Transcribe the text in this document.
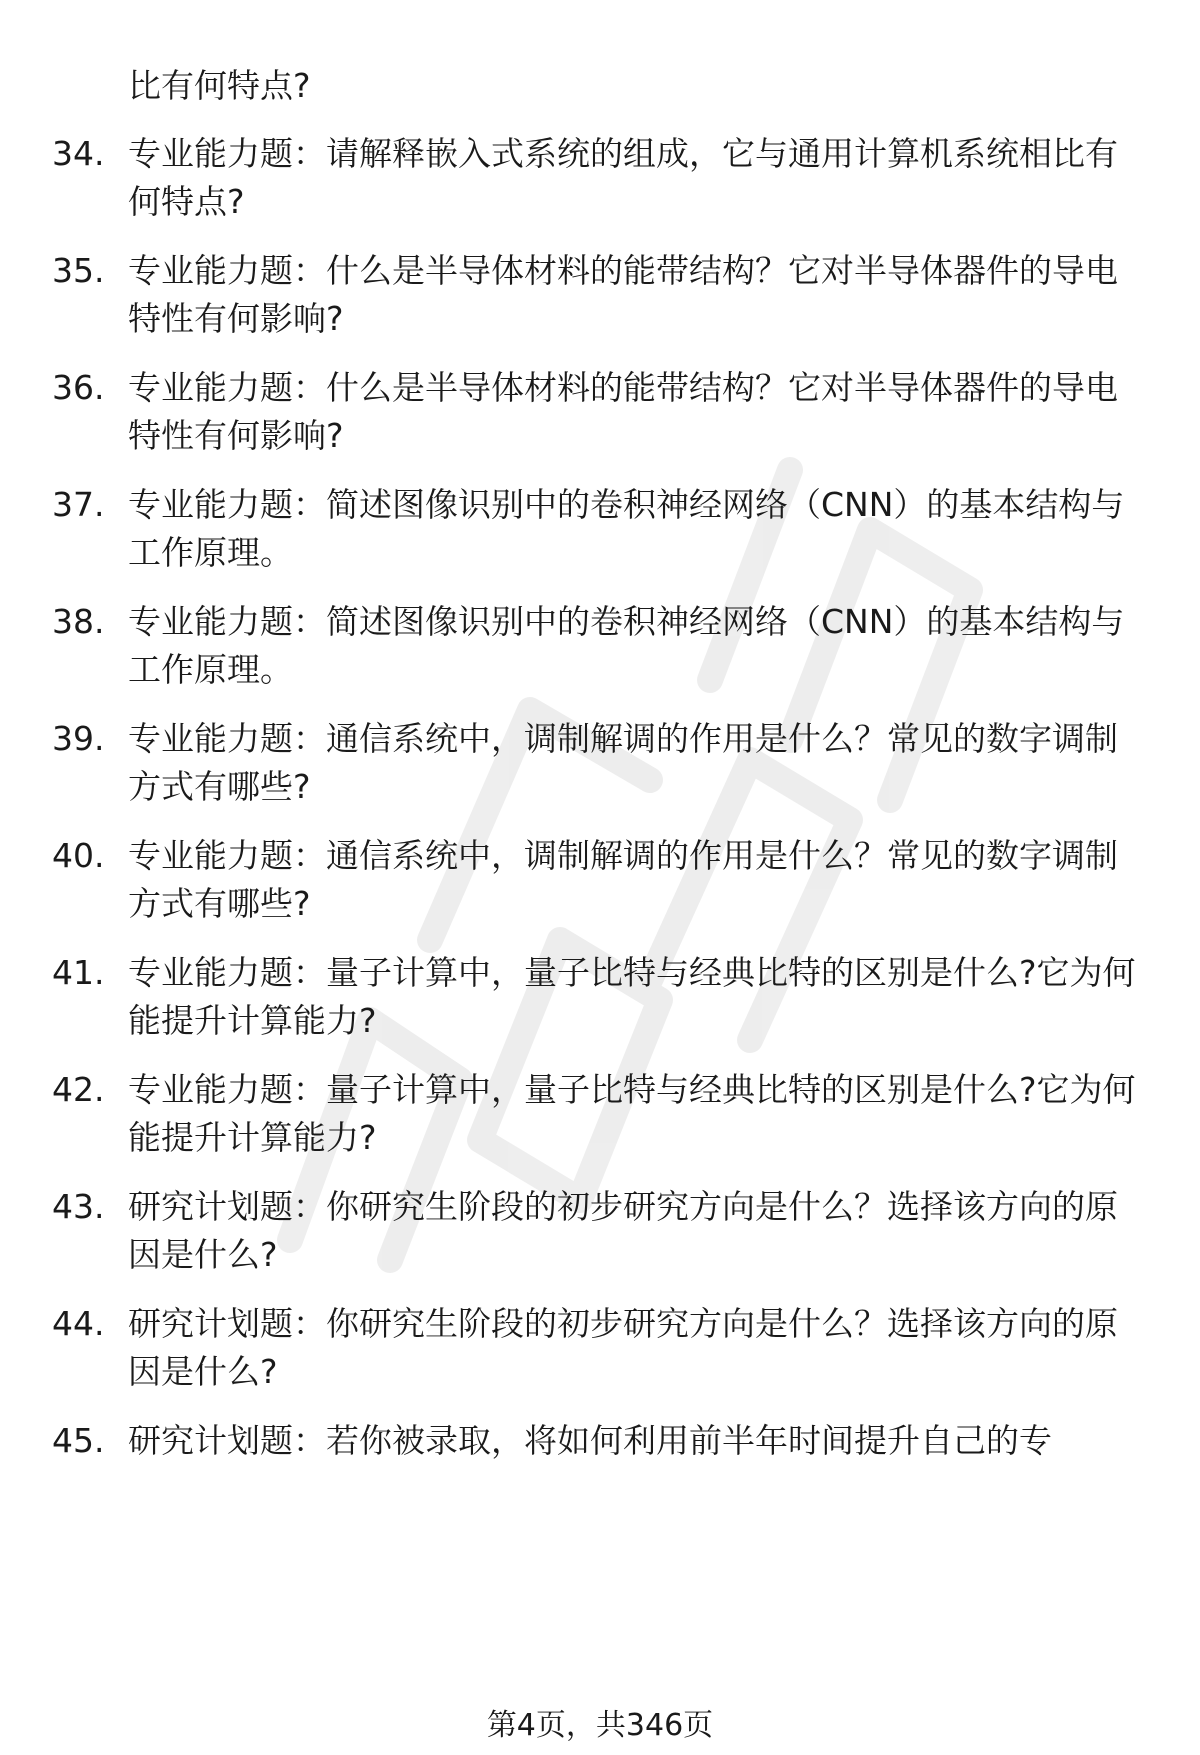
比有何特点?
34. 专业能力题：请解释嵌入式系统的组成，它与通用计算机系统相比有何特点?
35. 专业能力题：什么是半导体材料的能带结构？它对半导体器件的导电特性有何影响?
36. 专业能力题：什么是半导体材料的能带结构？它对半导体器件的导电特性有何影响?
37. 专业能力题：简述图像识别中的卷积神经网络（CNN）的基本结构与工作原理。
38. 专业能力题：简述图像识别中的卷积神经网络（CNN）的基本结构与工作原理。
39. 专业能力题：通信系统中，调制解调的作用是什么？常见的数字调制方式有哪些?
40. 专业能力题：通信系统中，调制解调的作用是什么？常见的数字调制方式有哪些?
41. 专业能力题：量子计算中，量子比特与经典比特的区别是什么?它为何能提升计算能力?
42. 专业能力题：量子计算中，量子比特与经典比特的区别是什么?它为何能提升计算能力?
43. 研究计划题：你研究生阶段的初步研究方向是什么？选择该方向的原因是什么?
44. 研究计划题：你研究生阶段的初步研究方向是什么？选择该方向的原因是什么?
45. 研究计划题：若你被录取，将如何利用前半年时间提升自己的专
第4页，共346页
